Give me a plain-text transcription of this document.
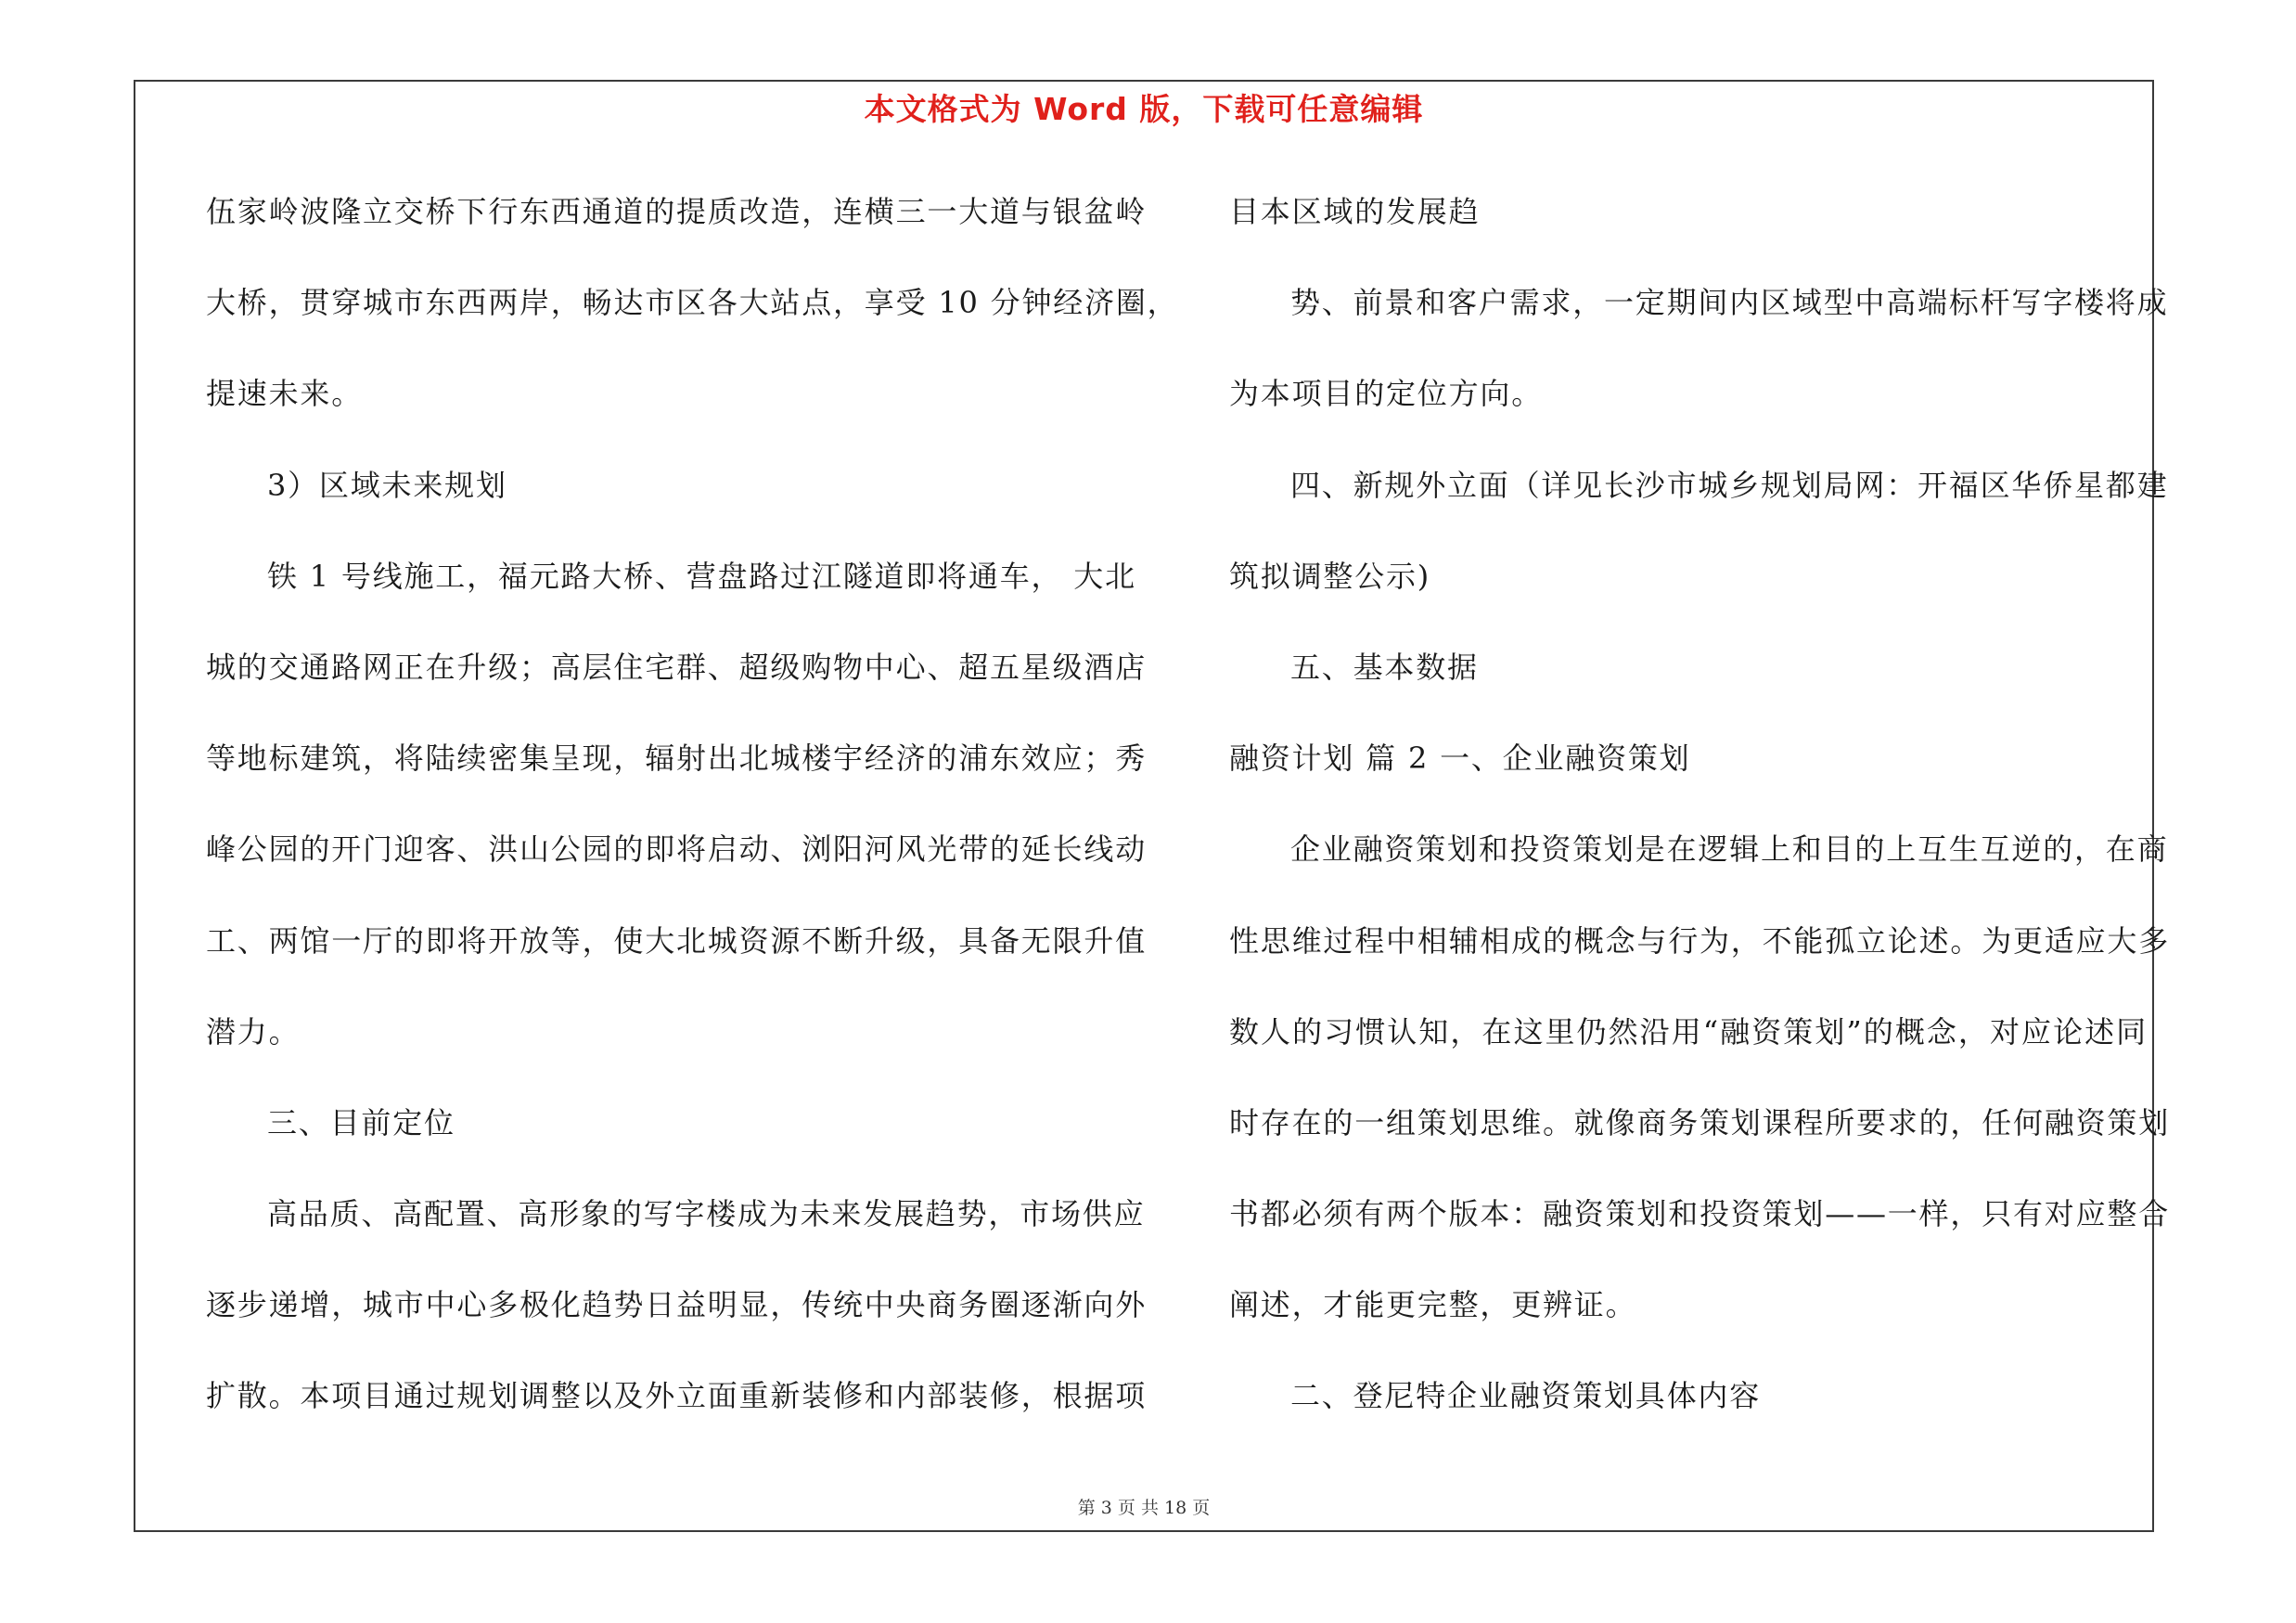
本文格式为 Word 版，下载可任意编辑
伍家岭波隆立交桥下行东西通道的提质改造，连横三一大道与银盆岭
大桥，贯穿城市东西两岸，畅达市区各大站点，享受 10 分钟经济圈，
提速未来。
3）区域未来规划
铁 1 号线施工，福元路大桥、营盘路过江隧道即将通车， 大北
城的交通路网正在升级；高层住宅群、超级购物中心、超五星级酒店
等地标建筑，将陆续密集呈现，辐射出北城楼宇经济的浦东效应；秀
峰公园的开门迎客、洪山公园的即将启动、浏阳河风光带的延长线动
工、两馆一厅的即将开放等，使大北城资源不断升级，具备无限升值
潜力。
三、目前定位
高品质、高配置、高形象的写字楼成为未来发展趋势，市场供应
逐步递增，城市中心多极化趋势日益明显，传统中央商务圈逐渐向外
扩散。本项目通过规划调整以及外立面重新装修和内部装修，根据项
目本区域的发展趋
势、前景和客户需求，一定期间内区域型中高端标杆写字楼将成
为本项目的定位方向。
四、新规外立面（详见长沙市城乡规划局网：开福区华侨星都建
筑拟调整公示)
五、基本数据
融资计划 篇 2 一、企业融资策划
企业融资策划和投资策划是在逻辑上和目的上互生互逆的，在商
性思维过程中相辅相成的概念与行为，不能孤立论述。为更适应大多
数人的习惯认知，在这里仍然沿用“融资策划”的概念，对应论述同
时存在的一组策划思维。就像商务策划课程所要求的，任何融资策划
书都必须有两个版本：融资策划和投资策划——一样，只有对应整合
阐述，才能更完整，更辨证。
二、登尼特企业融资策划具体内容
第 3 页 共 18 页
